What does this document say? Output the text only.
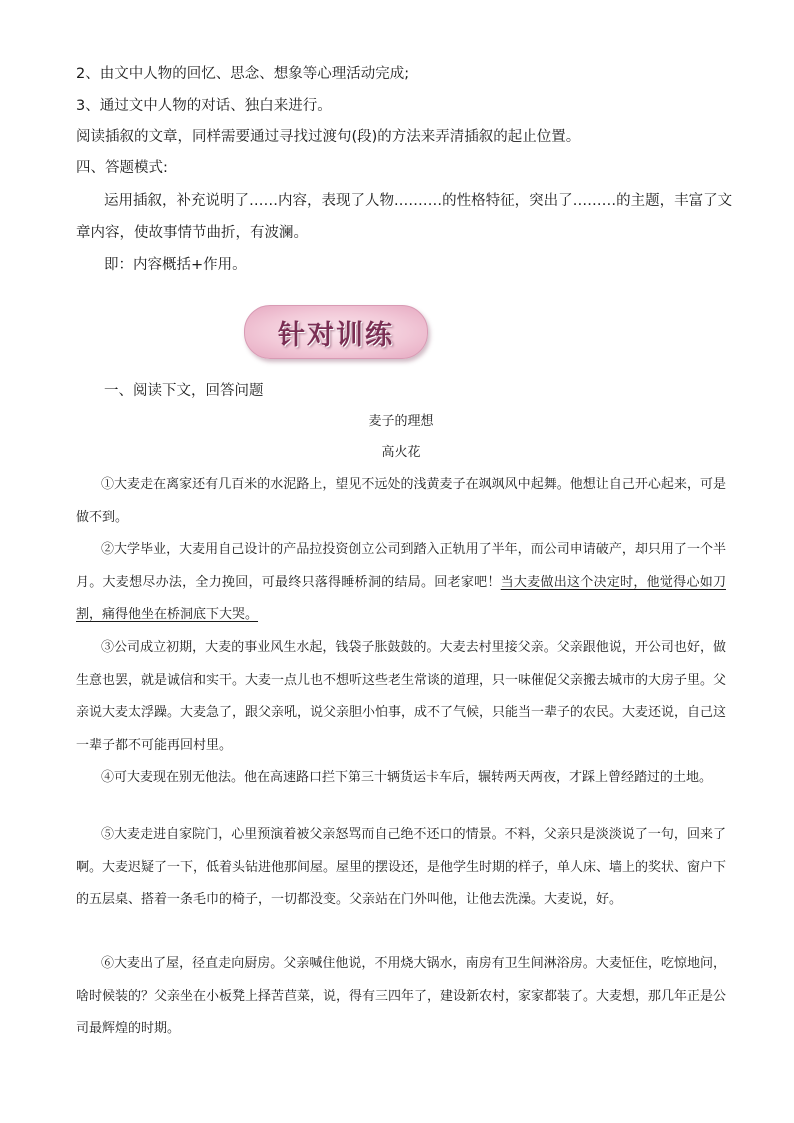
2、由文中人物的回忆、思念、想象等心理活动完成;
3、通过文中人物的对话、独白来进行。
阅读插叙的文章，同样需要通过寻找过渡句(段)的方法来弄清插叙的起止位置。
四、答题模式:
运用插叙，补充说明了……内容，表现了人物.………的性格特征，突出了………的主题，丰富了文
章内容，使故事情节曲折，有波澜。
即：内容概括+作用。
针对训练
一、阅读下文，回答问题
麦子的理想
高火花

①大麦走在离家还有几百米的水泥路上，望见不远处的浅黄麦子在飒飒风中起舞。他想让自己开心起来，可是做不到。

②大学毕业，大麦用自己设计的产品拉投资创立公司到踏入正轨用了半年，而公司申请破产，却只用了一个半月。大麦想尽办法，全力挽回，可最终只落得睡桥洞的结局。回老家吧！当大麦做出这个决定时，他觉得心如刀割，痛得他坐在桥洞底下大哭。

③公司成立初期，大麦的事业风生水起，钱袋子胀鼓鼓的。大麦去村里接父亲。父亲跟他说，开公司也好，做生意也罢，就是诚信和实干。大麦一点儿也不想听这些老生常谈的道理，只一味催促父亲搬去城市的大房子里。父亲说大麦太浮躁。大麦急了，跟父亲吼，说父亲胆小怕事，成不了气候，只能当一辈子的农民。大麦还说，自己这一辈子都不可能再回村里。

④可大麦现在别无他法。他在高速路口拦下第三十辆货运卡车后，辗转两天两夜，才踩上曾经踏过的土地。

⑤大麦走进自家院门，心里预演着被父亲怒骂而自己绝不还口的情景。不料，父亲只是淡淡说了一句，回来了啊。大麦迟疑了一下，低着头钻进他那间屋。屋里的摆设还，是他学生时期的样子，单人床、墙上的奖状、窗户下的五层桌、搭着一条毛巾的椅子，一切都没变。父亲站在门外叫他，让他去洗澡。大麦说，好。

⑥大麦出了屋，径直走向厨房。父亲喊住他说，不用烧大锅水，南房有卫生间淋浴房。大麦怔住，吃惊地问，啥时候装的？父亲坐在小板凳上择苦苣菜，说，得有三四年了，建设新农村，家家都装了。大麦想，那几年正是公司最辉煌的时期。
